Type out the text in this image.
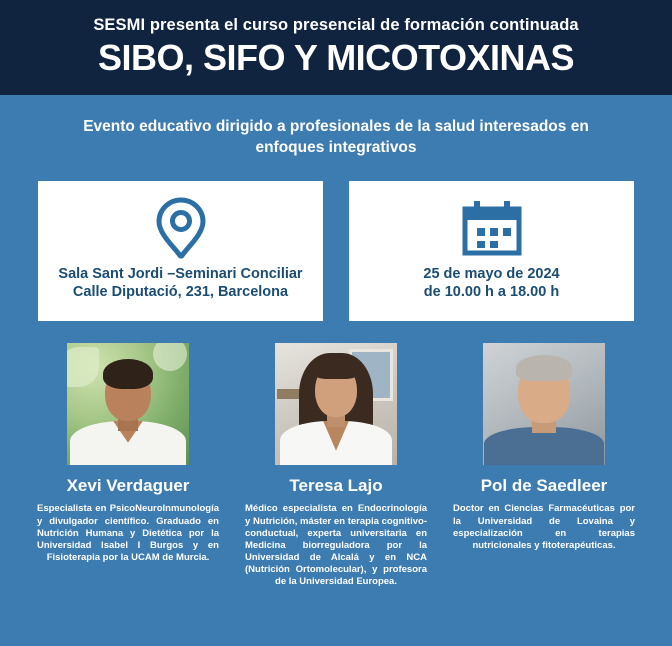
SESMI presenta el curso presencial de formación continuada
SIBO, SIFO Y MICOTOXINAS
Evento educativo dirigido a profesionales de la salud interesados en enfoques integrativos
Sala Sant Jordi –Seminari Conciliar
Calle Diputació, 231, Barcelona
25 de mayo de 2024
de 10.00 h a 18.00 h
Xevi Verdaguer
Especialista en PsicoNeuroInmunología y divulgador científico. Graduado en Nutrición Humana y Dietética por la Universidad Isabel I Burgos y en Fisioterapia por la UCAM de Murcia.
Teresa Lajo
Médico especialista en Endocrinología y Nutrición, máster en terapia cognitivo-conductual, experta universitaria en Medicina biorreguladora por la Universidad de Alcalá y en NCA (Nutrición Ortomolecular), y profesora de la Universidad Europea.
Pol de Saedleer
Doctor en Ciencias Farmacéuticas por la Universidad de Lovaina y especialización en terapias nutricionales y fitoterapéuticas.
